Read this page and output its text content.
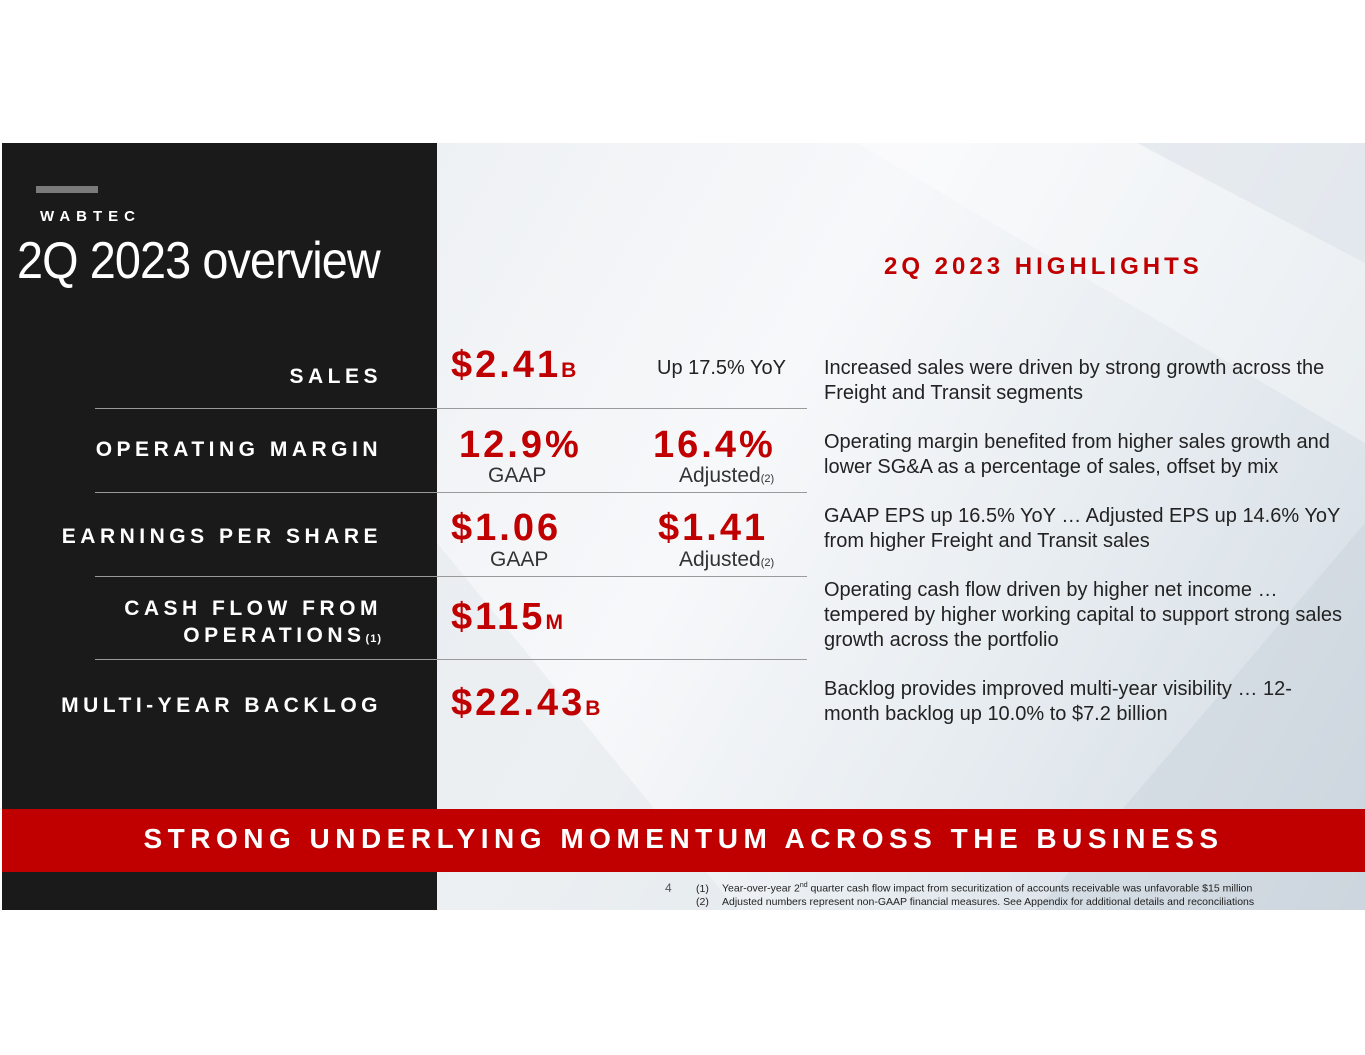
WABTEC
2Q 2023 overview	2Q 2023 HIGHLIGHTS
SALES
OPERATING MARGIN
EARNINGS PER SHARE
CASH FLOW FROM
OPERATIONS(1)
MULTI-YEAR BACKLOG
$2.41B	Up 17.5% YoY
12.9%
GAAP
16.4%
Adjusted(2)
$1.06
GAAP
$1.41
Adjusted(2)
$115M
$22.43B
Increased sales were driven by strong growth across the Freight and Transit segments
Operating margin benefited from higher sales growth and lower SG&A as a percentage of sales, offset by mix
GAAP EPS up 16.5% YoY … Adjusted EPS up 14.6% YoY from higher Freight and Transit sales
Operating cash flow driven by higher net income … tempered by higher working capital to support strong sales growth across the portfolio
Backlog provides improved multi-year visibility … 12-month backlog up 10.0% to $7.2 billion
STRONG UNDERLYING MOMENTUM ACROSS THE BUSINESS
4 (1) Year-over-year 2nd quarter cash flow impact from securitization of accounts receivable was unfavorable $15 million
(2) Adjusted numbers represent non-GAAP financial measures. See Appendix for additional details and reconciliations
